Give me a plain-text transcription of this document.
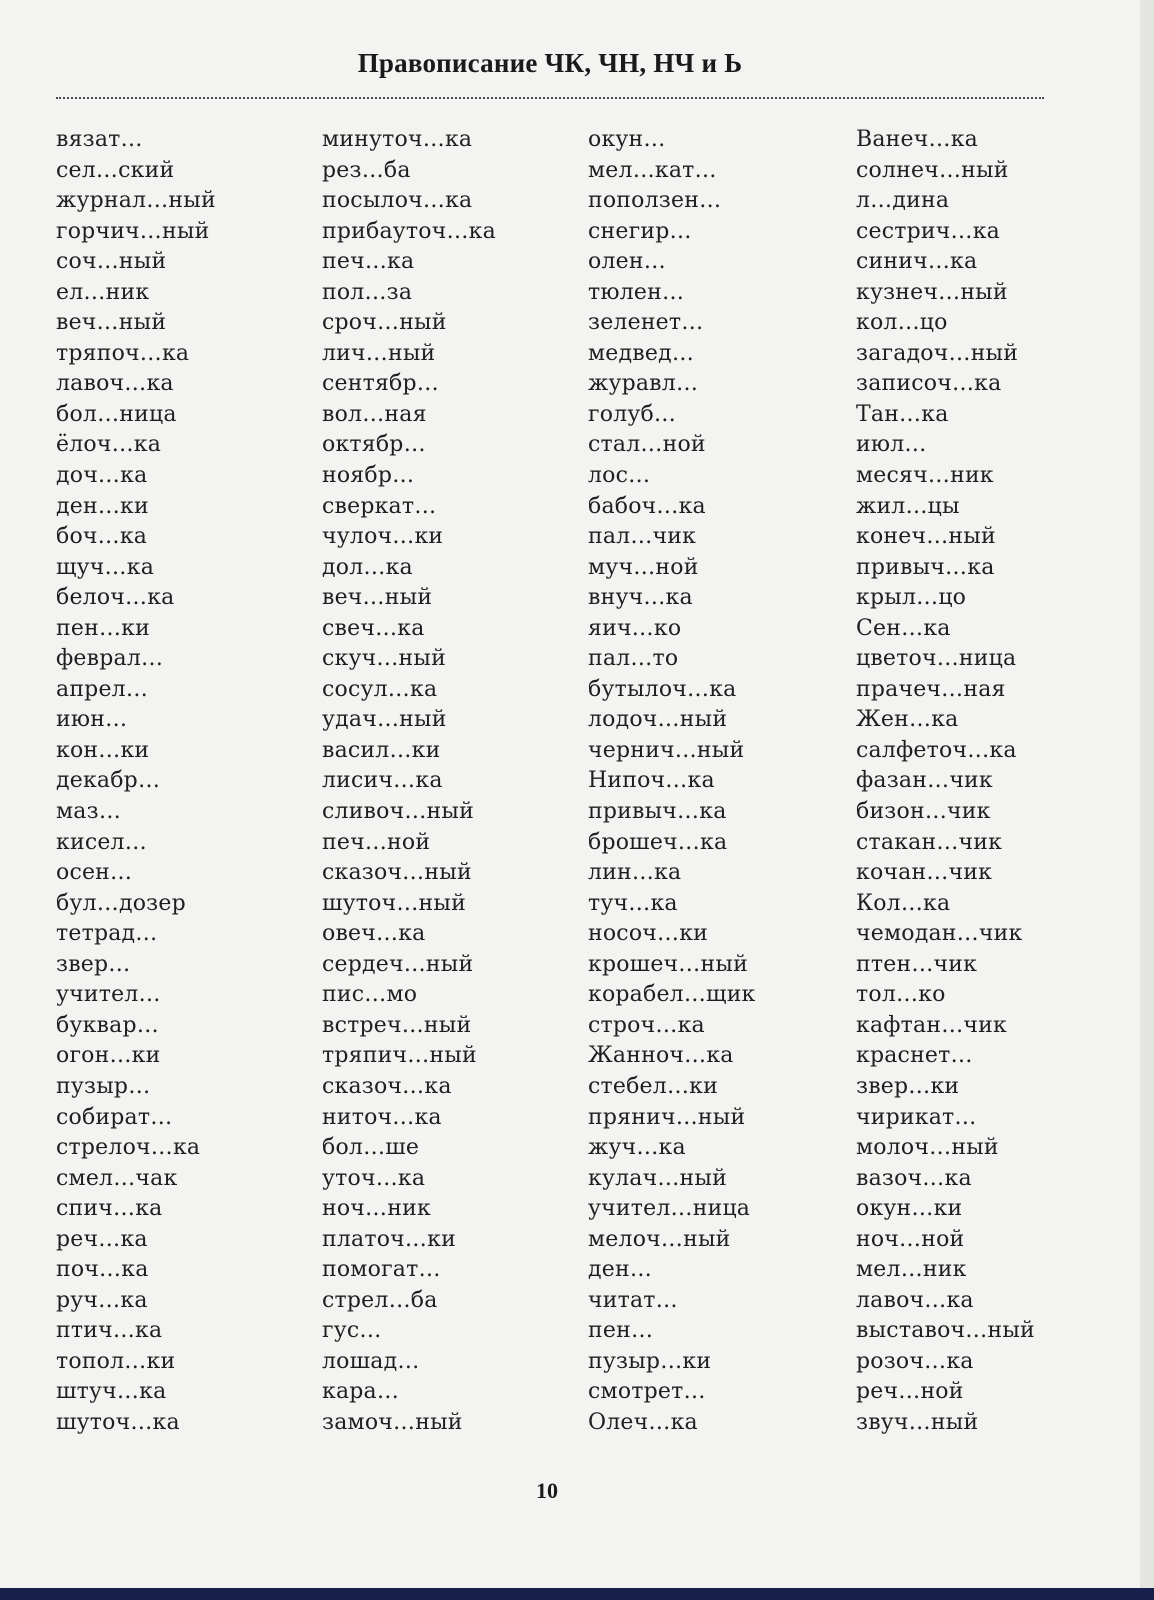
Правописание ЧК, ЧН, НЧ и Ь
вязат…
сел…ский
журнал…ный
горчич…ный
соч…ный
ел…ник
веч…ный
тряпоч…ка
лавоч…ка
бол…ница
ёлоч…ка
доч…ка
ден…ки
боч…ка
щуч…ка
белоч…ка
пен…ки
феврал…
апрел…
июн…
кон…ки
декабр…
маз…
кисел…
осен…
бул…дозер
тетрад…
звер…
учител…
буквар…
огон…ки
пузыр…
собират…
стрелоч…ка
смел…чак
спич…ка
реч…ка
поч…ка
руч…ка
птич…ка
топол…ки
штуч…ка
шуточ…ка
минуточ…ка
рез…ба
посылоч…ка
прибауточ…ка
печ…ка
пол…за
сроч…ный
лич…ный
сентябр…
вол…ная
октябр…
ноябр…
сверкат…
чулоч…ки
дол…ка
веч…ный
свеч…ка
скуч…ный
сосул…ка
удач…ный
васил…ки
лисич…ка
сливоч…ный
печ…ной
сказоч…ный
шуточ…ный
овеч…ка
сердеч…ный
пис…мо
встреч…ный
тряпич…ный
сказоч…ка
ниточ…ка
бол…ше
уточ…ка
ноч…ник
платоч…ки
помогат…
стрел…ба
гус…
лошад…
кара…
замоч…ный
окун…
мел…кат…
поползен…
снегир…
олен…
тюлен…
зеленет…
медвед…
журавл…
голуб…
стал…ной
лос…
бабоч…ка
пал…чик
муч…ной
внуч…ка
яич…ко
пал…то
бутылоч…ка
лодоч…ный
чернич…ный
Нипоч…ка
привыч…ка
брошеч…ка
лин…ка
туч…ка
носоч…ки
крошеч…ный
корабел…щик
строч…ка
Жанноч…ка
стебел…ки
прянич…ный
жуч…ка
кулач…ный
учител…ница
мелоч…ный
ден…
читат…
пен…
пузыр…ки
смотрет…
Олеч…ка
Ванеч…ка
солнеч…ный
л…дина
сестрич…ка
синич…ка
кузнеч…ный
кол…цо
загадоч…ный
записоч…ка
Тан…ка
июл…
месяч…ник
жил…цы
конеч…ный
привыч…ка
крыл…цо
Сен…ка
цветоч…ница
прачеч…ная
Жен…ка
салфеточ…ка
фазан…чик
бизон…чик
стакан…чик
кочан…чик
Кол…ка
чемодан…чик
птен…чик
тол…ко
кафтан…чик
краснет…
звер…ки
чирикат…
молоч…ный
вазоч…ка
окун…ки
ноч…ной
мел…ник
лавоч…ка
выставоч…ный
розоч…ка
реч…ной
звуч…ный
10
